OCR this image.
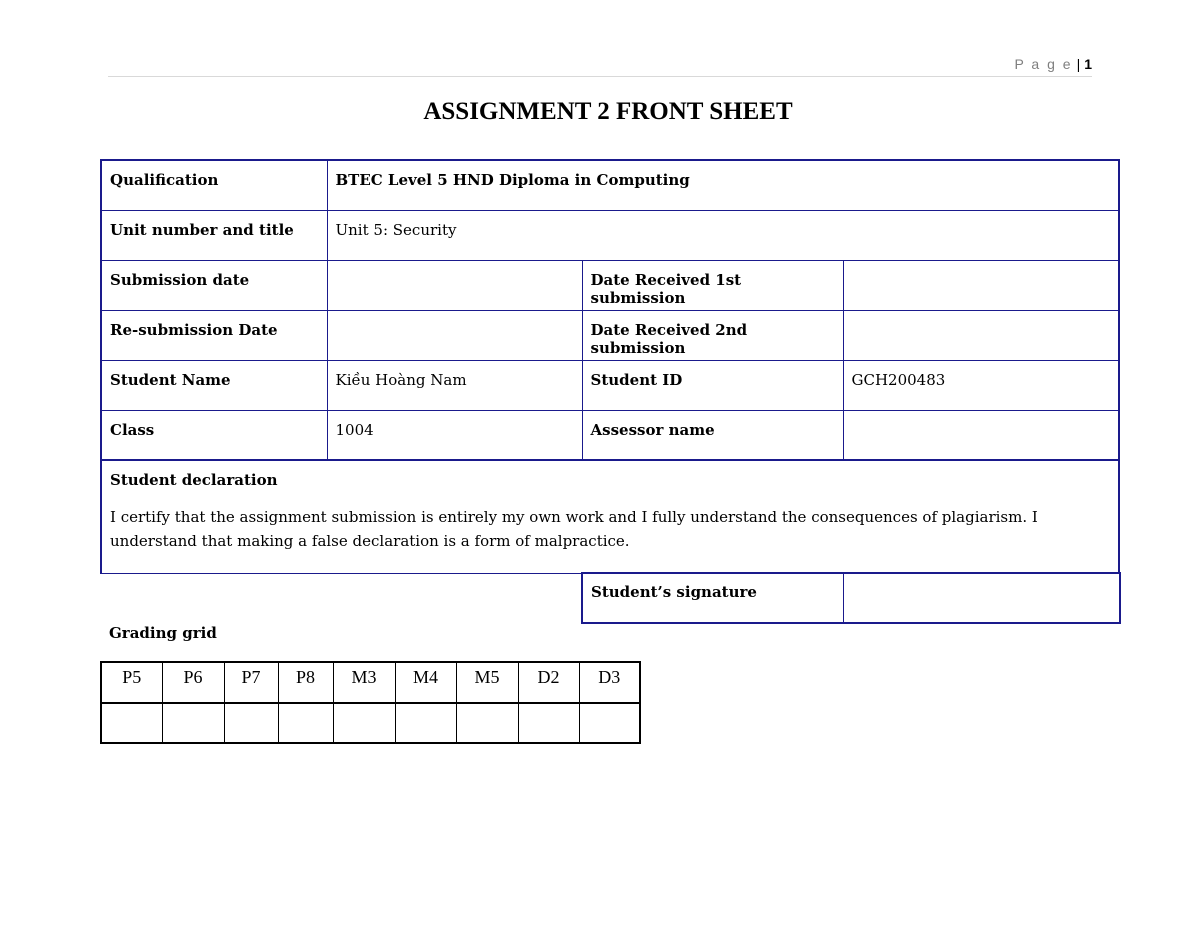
P a g e | 1
ASSIGNMENT 2 FRONT SHEET
Qualification	BTEC Level 5 HND Diploma in Computing		
Unit number and title	Unit 5: Security		
Submission date		Date Received 1st submission	
Re-submission Date		Date Received 2nd submission	
Student Name	Kiều Hoàng Nam	Student ID	GCH200483
Class	1004	Assessor name	

Student declaration
I certify that the assignment submission is entirely my own work and I fully understand the consequences of plagiarism. I understand that making a false declaration is a form of malpractice.			
Student’s signature	
Grading grid
P5	P6	P7	P8	M3	M4	M5	D2	D3
